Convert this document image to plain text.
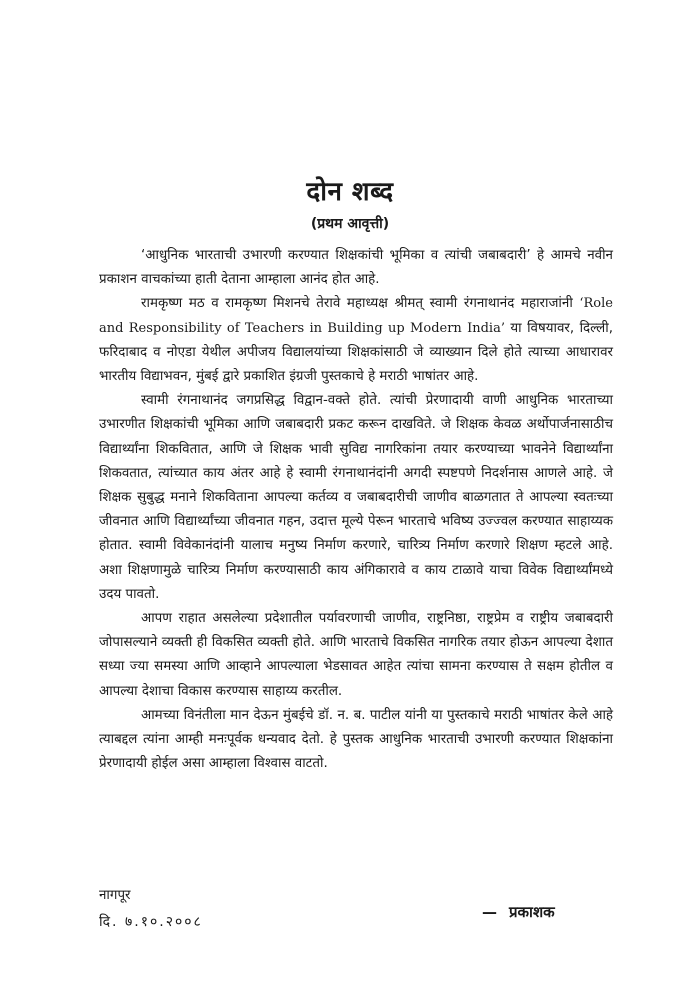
दोन शब्द
(प्रथम आवृत्ती)

‘आधुनिक भारताची उभारणी करण्यात शिक्षकांची भूमिका व त्यांची जबाबदारी’ हे आमचे नवीन प्रकाशन वाचकांच्या हाती देताना आम्हाला आनंद होत आहे.

रामकृष्ण मठ व रामकृष्ण मिशनचे तेरावे महाध्यक्ष श्रीमत् स्वामी रंगनाथानंद महाराजांनी ‘Role and Responsibility of Teachers in Building up Modern India’ या विषयावर, दिल्ली, फरिदाबाद व नोएडा येथील अपीजय विद्यालयांच्या शिक्षकांसाठी जे व्याख्यान दिले होते त्याच्या आधारावर भारतीय विद्याभवन, मुंबई द्वारे प्रकाशित इंग्रजी पुस्तकाचे हे मराठी भाषांतर आहे.

स्वामी रंगनाथानंद जगप्रसिद्ध विद्वान-वक्ते होते. त्यांची प्रेरणादायी वाणी आधुनिक भारताच्या उभारणीत शिक्षकांची भूमिका आणि जबाबदारी प्रकट करून दाखविते. जे शिक्षक केवळ अर्थोपार्जनासाठीच विद्यार्थ्यांना शिकवितात, आणि जे शिक्षक भावी सुविद्य नागरिकांना तयार करण्याच्या भावनेने विद्यार्थ्यांना शिकवतात, त्यांच्यात काय अंतर आहे हे स्वामी रंगनाथानंदांनी अगदी स्पष्टपणे निदर्शनास आणले आहे. जे शिक्षक सुबुद्ध मनाने शिकविताना आपल्या कर्तव्य व जबाबदारीची जाणीव बाळगतात ते आपल्या स्वतःच्या जीवनात आणि विद्यार्थ्यांच्या जीवनात गहन, उदात्त मूल्ये पेरून भारताचे भविष्य उज्ज्वल करण्यात साहाय्यक होतात. स्वामी विवेकानंदांनी यालाच मनुष्य निर्माण करणारे, चारित्र्य निर्माण करणारे शिक्षण म्हटले आहे. अशा शिक्षणामुळे चारित्र्य निर्माण करण्यासाठी काय अंगिकारावे व काय टाळावे याचा विवेक विद्यार्थ्यांमध्ये उदय पावतो.

आपण राहात असलेल्या प्रदेशातील पर्यावरणाची जाणीव, राष्ट्रनिष्ठा, राष्ट्रप्रेम व राष्ट्रीय जबाबदारी जोपासल्याने व्यक्ती ही विकसित व्यक्ती होते. आणि भारताचे विकसित नागरिक तयार होऊन आपल्या देशात सध्या ज्या समस्या आणि आव्हाने आपल्याला भेडसावत आहेत त्यांचा सामना करण्यास ते सक्षम होतील व आपल्या देशाचा विकास करण्यास साहाय्य करतील.

आमच्या विनंतीला मान देऊन मुंबईचे डॉ. न. ब. पाटील यांनी या पुस्तकाचे मराठी भाषांतर केले आहे त्याबद्दल त्यांना आम्ही मनःपूर्वक धन्यवाद देतो. हे पुस्तक आधुनिक भारताची उभारणी करण्यात शिक्षकांना प्रेरणादायी होईल असा आम्हाला विश्वास वाटतो.

नागपूर
दि. ७.१०.२००८
— प्रकाशक
